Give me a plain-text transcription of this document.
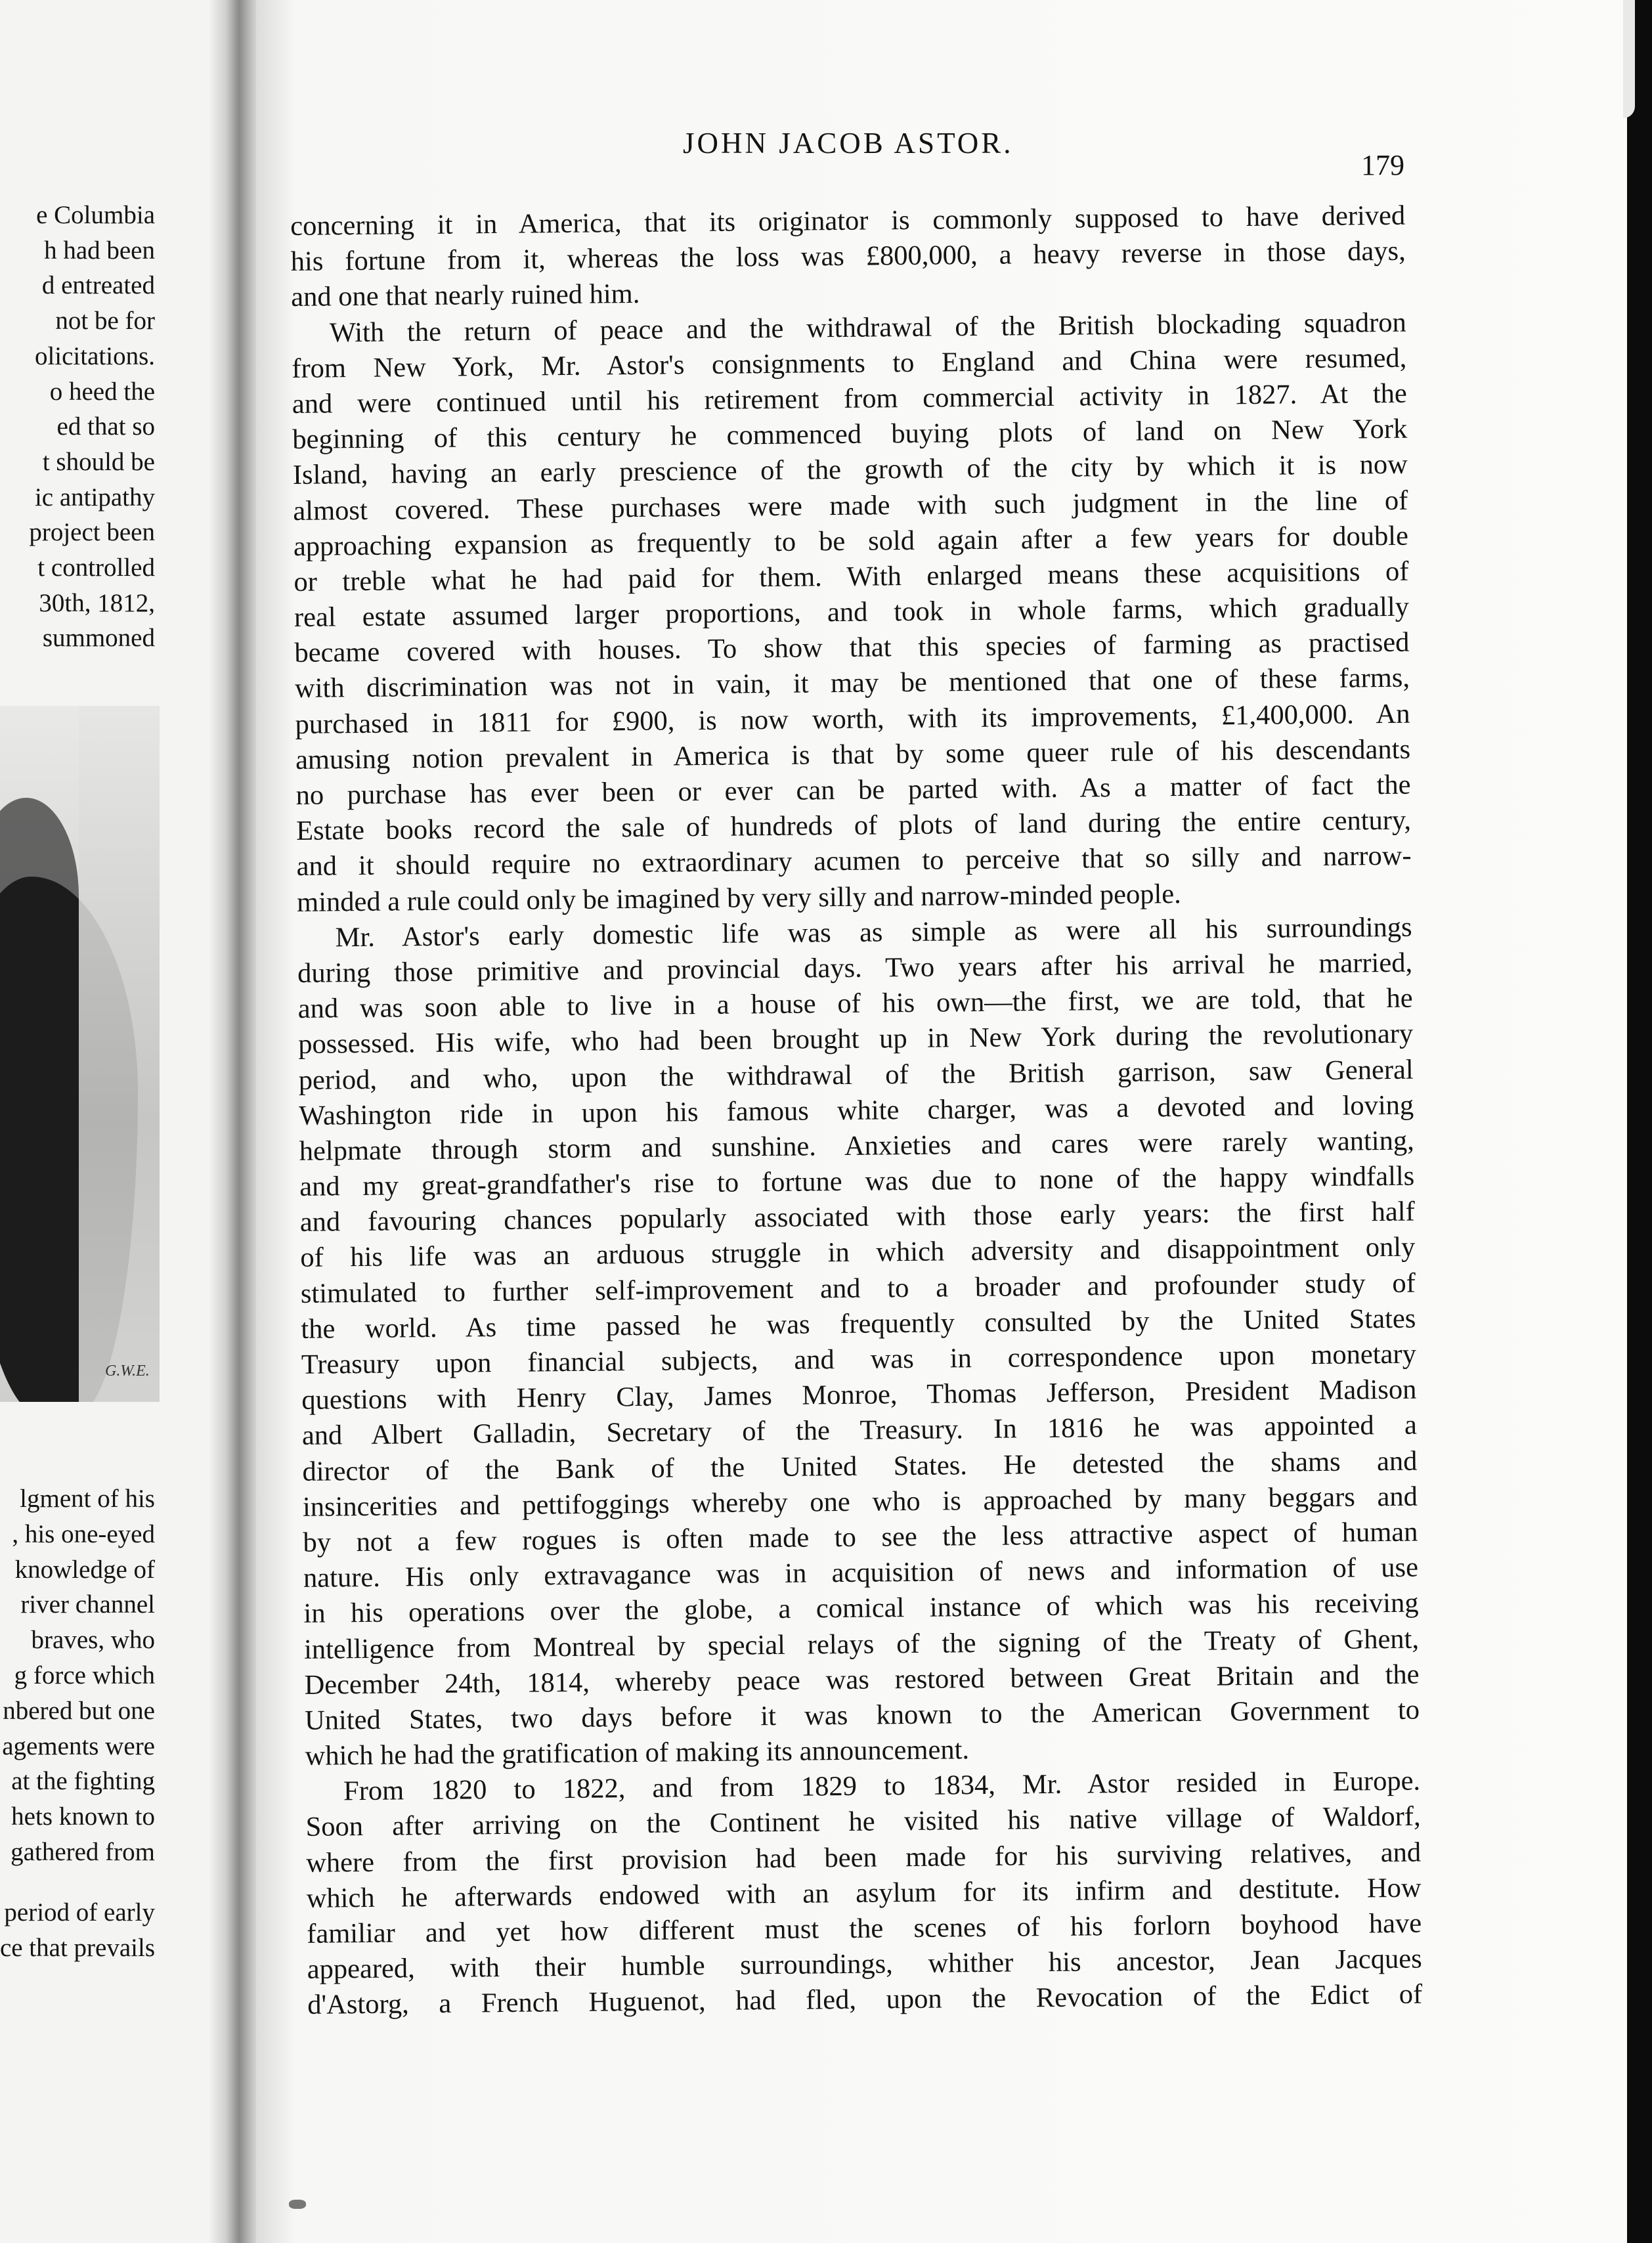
e Columbia
h had been
d entreated
not be for
olicitations.
o heed the
ed that so
t should be
ic antipathy
project been
t controlled
30th, 1812,
summoned
G.W.E.
lgment of his
, his one-eyed
knowledge of
river channel
braves, who
g force which
nbered but one
agements were
at the fighting
hets known to
gathered from
period of early
ce that prevails
JOHN JACOB ASTOR.
179
concerning it in America, that its originator is commonly supposed to have derived
his fortune from it, whereas the loss was £800,000, a heavy reverse in those days,
and one that nearly ruined him.
With the return of peace and the withdrawal of the British blockading squadron
from New York, Mr. Astor's consignments to England and China were resumed,
and were continued until his retirement from commercial activity in 1827. At the
beginning of this century he commenced buying plots of land on New York
Island, having an early prescience of the growth of the city by which it is now
almost covered. These purchases were made with such judgment in the line of
approaching expansion as frequently to be sold again after a few years for double
or treble what he had paid for them. With enlarged means these acquisitions of
real estate assumed larger proportions, and took in whole farms, which gradually
became covered with houses. To show that this species of farming as practised
with discrimination was not in vain, it may be mentioned that one of these farms,
purchased in 1811 for £900, is now worth, with its improvements, £1,400,000. An
amusing notion prevalent in America is that by some queer rule of his descendants
no purchase has ever been or ever can be parted with. As a matter of fact the
Estate books record the sale of hundreds of plots of land during the entire century,
and it should require no extraordinary acumen to perceive that so silly and narrow-
minded a rule could only be imagined by very silly and narrow-minded people.
Mr. Astor's early domestic life was as simple as were all his surroundings
during those primitive and provincial days. Two years after his arrival he married,
and was soon able to live in a house of his own—the first, we are told, that he
possessed. His wife, who had been brought up in New York during the revolutionary
period, and who, upon the withdrawal of the British garrison, saw General
Washington ride in upon his famous white charger, was a devoted and loving
helpmate through storm and sunshine. Anxieties and cares were rarely wanting,
and my great-grandfather's rise to fortune was due to none of the happy windfalls
and favouring chances popularly associated with those early years: the first half
of his life was an arduous struggle in which adversity and disappointment only
stimulated to further self-improvement and to a broader and profounder study of
the world. As time passed he was frequently consulted by the United States
Treasury upon financial subjects, and was in correspondence upon monetary
questions with Henry Clay, James Monroe, Thomas Jefferson, President Madison
and Albert Galladin, Secretary of the Treasury. In 1816 he was appointed a
director of the Bank of the United States. He detested the shams and
insincerities and pettifoggings whereby one who is approached by many beggars and
by not a few rogues is often made to see the less attractive aspect of human
nature. His only extravagance was in acquisition of news and information of use
in his operations over the globe, a comical instance of which was his receiving
intelligence from Montreal by special relays of the signing of the Treaty of Ghent,
December 24th, 1814, whereby peace was restored between Great Britain and the
United States, two days before it was known to the American Government to
which he had the gratification of making its announcement.
From 1820 to 1822, and from 1829 to 1834, Mr. Astor resided in Europe.
Soon after arriving on the Continent he visited his native village of Waldorf,
where from the first provision had been made for his surviving relatives, and
which he afterwards endowed with an asylum for its infirm and destitute. How
familiar and yet how different must the scenes of his forlorn boyhood have
appeared, with their humble surroundings, whither his ancestor, Jean Jacques
d'Astorg, a French Huguenot, had fled, upon the Revocation of the Edict of
